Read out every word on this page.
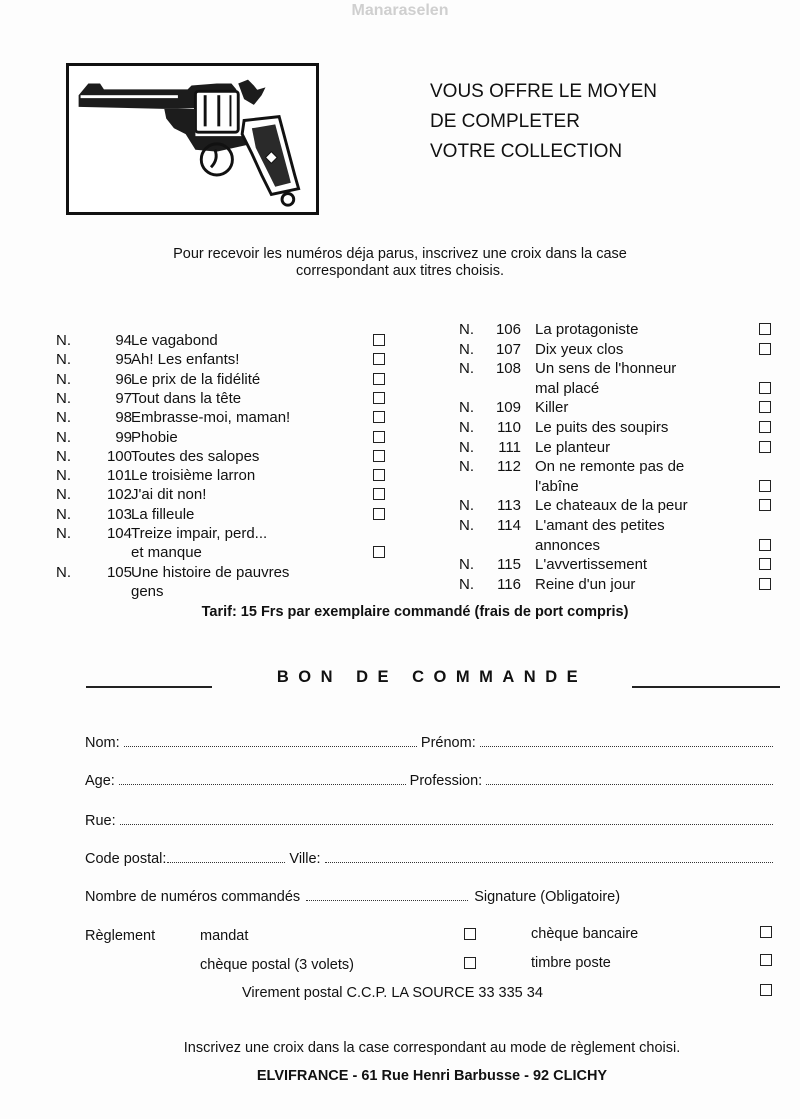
Manaraselen
VOUS OFFRE LE MOYEN
DE COMPLETER
VOTRE COLLECTION
Pour recevoir les numéros déja parus, inscrivez une croix dans la case
correspondant aux titres choisis.
N.	94 Le vagabond
N.	95 Ah! Les enfants!
N.	96 Le prix de la fidélité
N.	97 Tout dans la tête
N.	98 Embrasse-moi, maman!
N.	99 Phobie
N.	100 Toutes des salopes
N.	101 Le troisième larron
N.	102 J'ai dit non!
N.	103 La filleule
N.	104 Treize impair, perd...
et manque
N.	105 Une histoire de pauvres
gens
N.	106 La protagoniste
N.	107 Dix yeux clos
N.	108 Un sens de l'honneur
mal placé
N.	109 Killer
N.	110 Le puits des soupirs
N.	111 Le planteur
N.	112 On ne remonte pas de
l'abîne
N.	113 Le chateaux de la peur
N.	114 L'amant des petites
annonces
N.	115 L'avvertissement
N.	116 Reine d'un jour
Tarif: 15 Frs par exemplaire commandé (frais de port compris)
BON DE COMMANDE
Nom:	Prénom:
Age:	Profession:
Rue:
Code postal:	Ville:
Nombre de numéros commandés	Signature (Obligatoire)
Règlement	mandat	chèque bancaire
chèque postal (3 volets)	timbre poste
Virement postal C.C.P. LA SOURCE 33 335 34
Inscrivez une croix dans la case correspondant au mode de règlement choisi.
ELVIFRANCE - 61 Rue Henri Barbusse - 92 CLICHY
